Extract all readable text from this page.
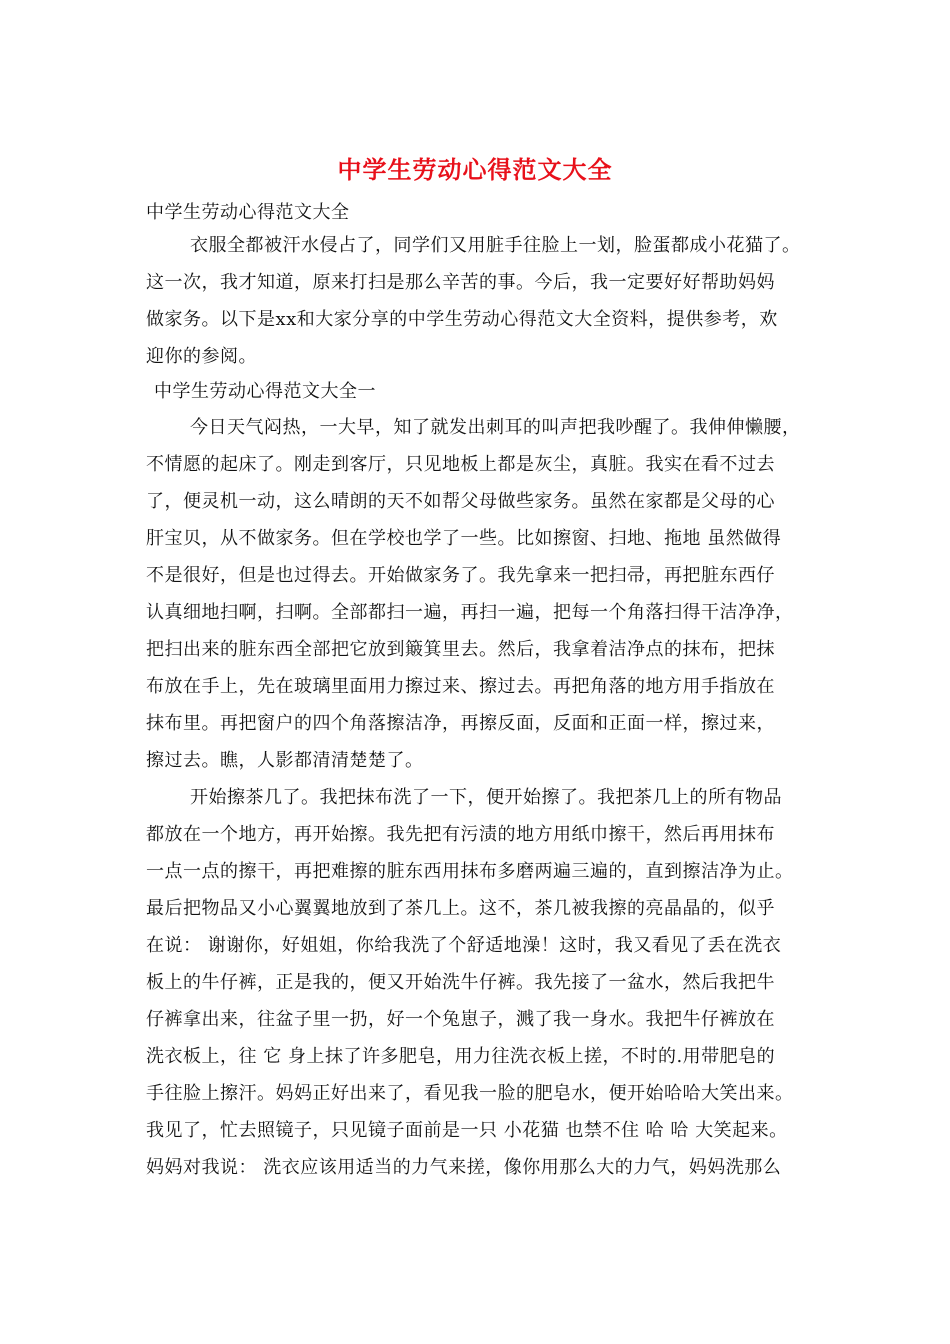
中学生劳动心得范文大全
中学生劳动心得范文大全
衣服全都被汗水侵占了，同学们又用脏手往脸上一划，脸蛋都成小花猫了。
这一次，我才知道，原来打扫是那么辛苦的事。今后，我一定要好好帮助妈妈
做家务。以下是xx和大家分享的中学生劳动心得范文大全资料，提供参考，欢
迎你的参阅。
中学生劳动心得范文大全一
今日天气闷热，一大早，知了就发出刺耳的叫声把我吵醒了。我伸伸懒腰，
不情愿的起床了。刚走到客厅，只见地板上都是灰尘，真脏。我实在看不过去
了，便灵机一动，这么晴朗的天不如帮父母做些家务。虽然在家都是父母的心
肝宝贝，从不做家务。但在学校也学了一些。比如擦窗、扫地、拖地 虽然做得
不是很好，但是也过得去。开始做家务了。我先拿来一把扫帚，再把脏东西仔
认真细地扫啊，扫啊。全部都扫一遍，再扫一遍，把每一个角落扫得干洁净净，
把扫出来的脏东西全部把它放到簸箕里去。然后，我拿着洁净点的抹布，把抹
布放在手上，先在玻璃里面用力擦过来、擦过去。再把角落的地方用手指放在
抹布里。再把窗户的四个角落擦洁净，再擦反面，反面和正面一样，擦过来，
擦过去。瞧，人影都清清楚楚了。
开始擦茶几了。我把抹布洗了一下，便开始擦了。我把茶几上的所有物品
都放在一个地方，再开始擦。我先把有污渍的地方用纸巾擦干，然后再用抹布
一点一点的擦干，再把难擦的脏东西用抹布多磨两遍三遍的，直到擦洁净为止。
最后把物品又小心翼翼地放到了茶几上。这不，茶几被我擦的亮晶晶的，似乎
在说： 谢谢你，好姐姐，你给我洗了个舒适地澡！这时，我又看见了丢在洗衣
板上的牛仔裤，正是我的，便又开始洗牛仔裤。我先接了一盆水，然后我把牛
仔裤拿出来，往盆子里一扔，好一个兔崽子，溅了我一身水。我把牛仔裤放在
洗衣板上，往 它 身上抹了许多肥皂，用力往洗衣板上搓，不时的.用带肥皂的
手往脸上擦汗。妈妈正好出来了，看见我一脸的肥皂水，便开始哈哈大笑出来。
我见了，忙去照镜子，只见镜子面前是一只 小花猫 也禁不住 哈 哈 大笑起来。
妈妈对我说： 洗衣应该用适当的力气来搓，像你用那么大的力气，妈妈洗那么
